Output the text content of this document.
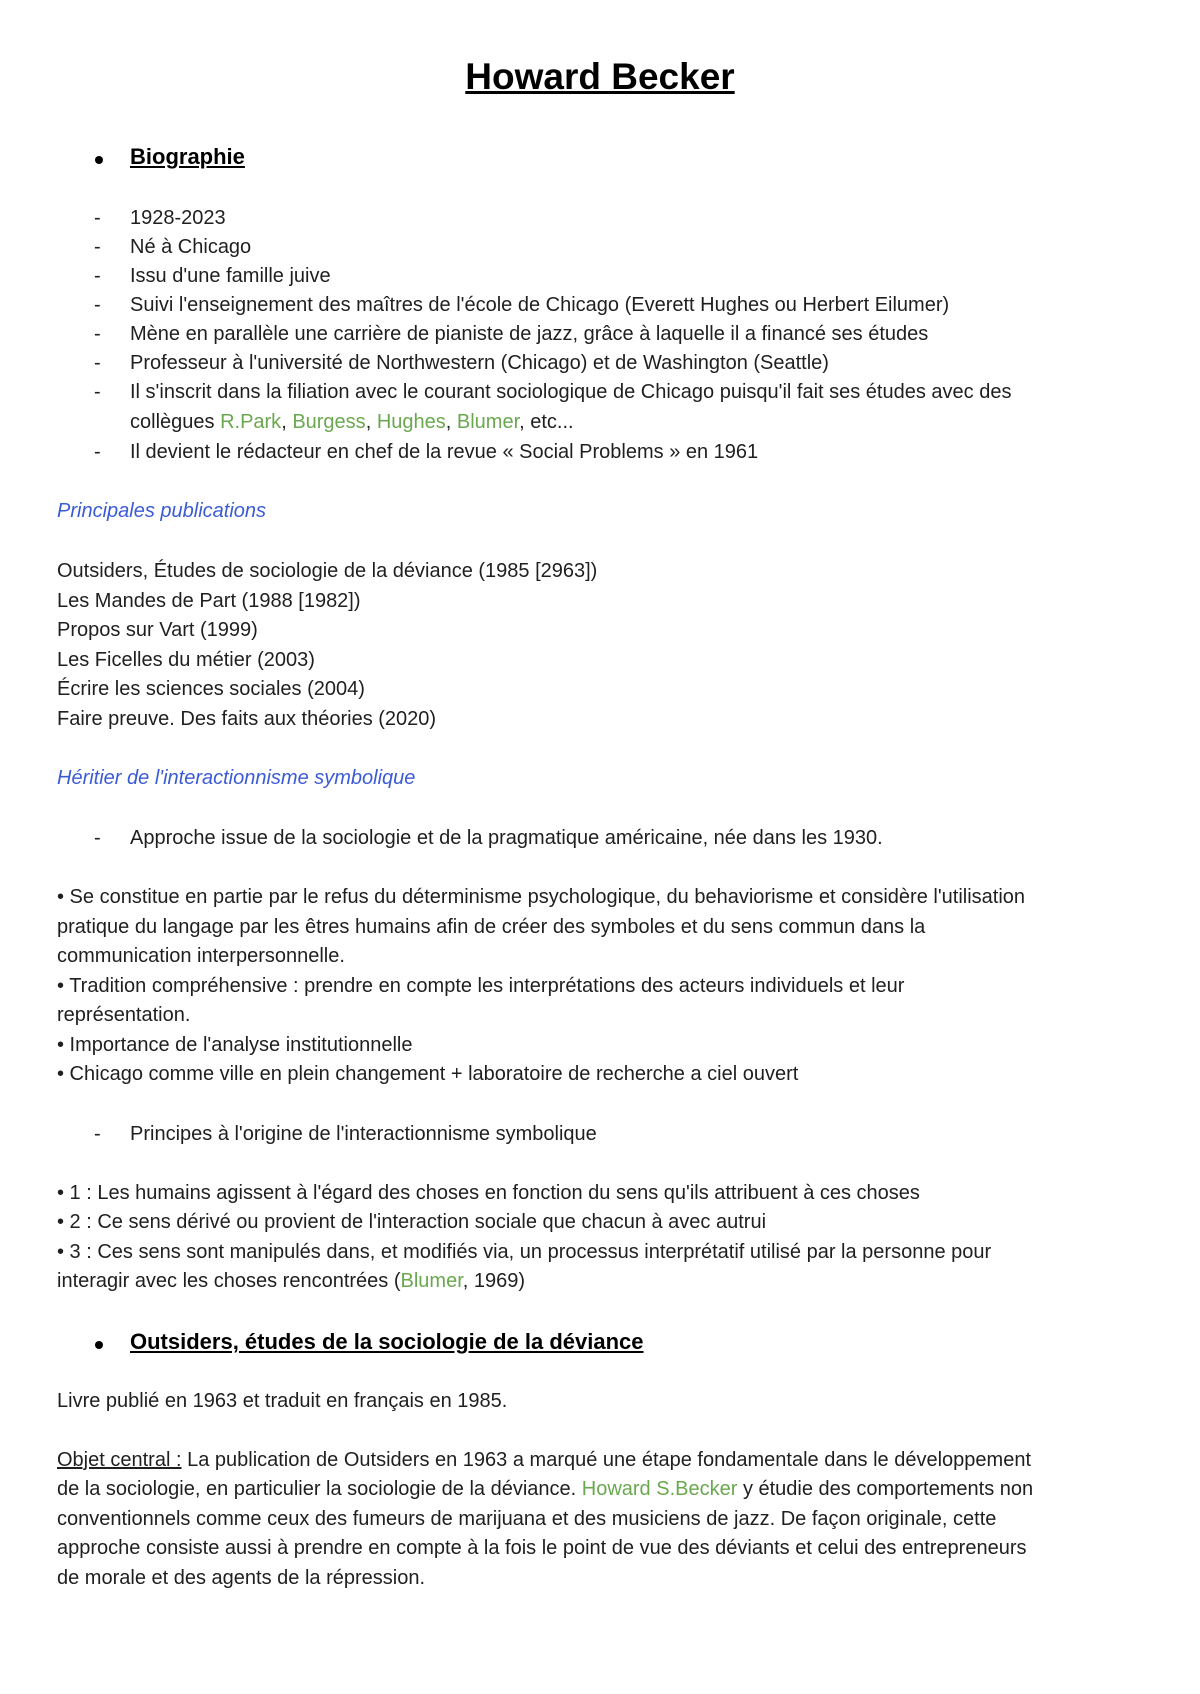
Howard Becker
Biographie
- 1928-2023
- Né à Chicago
- Issu d'une famille juive
- Suivi l'enseignement des maîtres de l'école de Chicago (Everett Hughes ou Herbert Eilumer)
- Mène en parallèle une carrière de pianiste de jazz, grâce à laquelle il a financé ses études
- Professeur à l'université de Northwestern (Chicago) et de Washington (Seattle)
- Il s'inscrit dans la filiation avec le courant sociologique de Chicago puisqu'il fait ses études avec des
collègues R.Park, Burgess, Hughes, Blumer, etc...
- Il devient le rédacteur en chef de la revue « Social Problems » en 1961
Principales publications
Outsiders, Études de sociologie de la déviance (1985 [2963])
Les Mandes de Part (1988 [1982])
Propos sur Vart (1999)
Les Ficelles du métier (2003)
Écrire les sciences sociales (2004)
Faire preuve. Des faits aux théories (2020)
Héritier de l'interactionnisme symbolique
- Approche issue de la sociologie et de la pragmatique américaine, née dans les 1930.
• Se constitue en partie par le refus du déterminisme psychologique, du behaviorisme et considère l'utilisation
pratique du langage par les êtres humains afin de créer des symboles et du sens commun dans la
communication interpersonnelle.
• Tradition compréhensive : prendre en compte les interprétations des acteurs individuels et leur
représentation.
• Importance de l'analyse institutionnelle
• Chicago comme ville en plein changement + laboratoire de recherche a ciel ouvert
- Principes à l'origine de l'interactionnisme symbolique
• 1 : Les humains agissent à l'égard des choses en fonction du sens qu'ils attribuent à ces choses
• 2 : Ce sens dérivé ou provient de l'interaction sociale que chacun à avec autrui
• 3 : Ces sens sont manipulés dans, et modifiés via, un processus interprétatif utilisé par la personne pour
interagir avec les choses rencontrées (Blumer, 1969)
Outsiders, études de la sociologie de la déviance
Livre publié en 1963 et traduit en français en 1985.
Objet central : La publication de Outsiders en 1963 a marqué une étape fondamentale dans le développement
de la sociologie, en particulier la sociologie de la déviance. Howard S.Becker y étudie des comportements non
conventionnels comme ceux des fumeurs de marijuana et des musiciens de jazz. De façon originale, cette
approche consiste aussi à prendre en compte à la fois le point de vue des déviants et celui des entrepreneurs
de morale et des agents de la répression.
